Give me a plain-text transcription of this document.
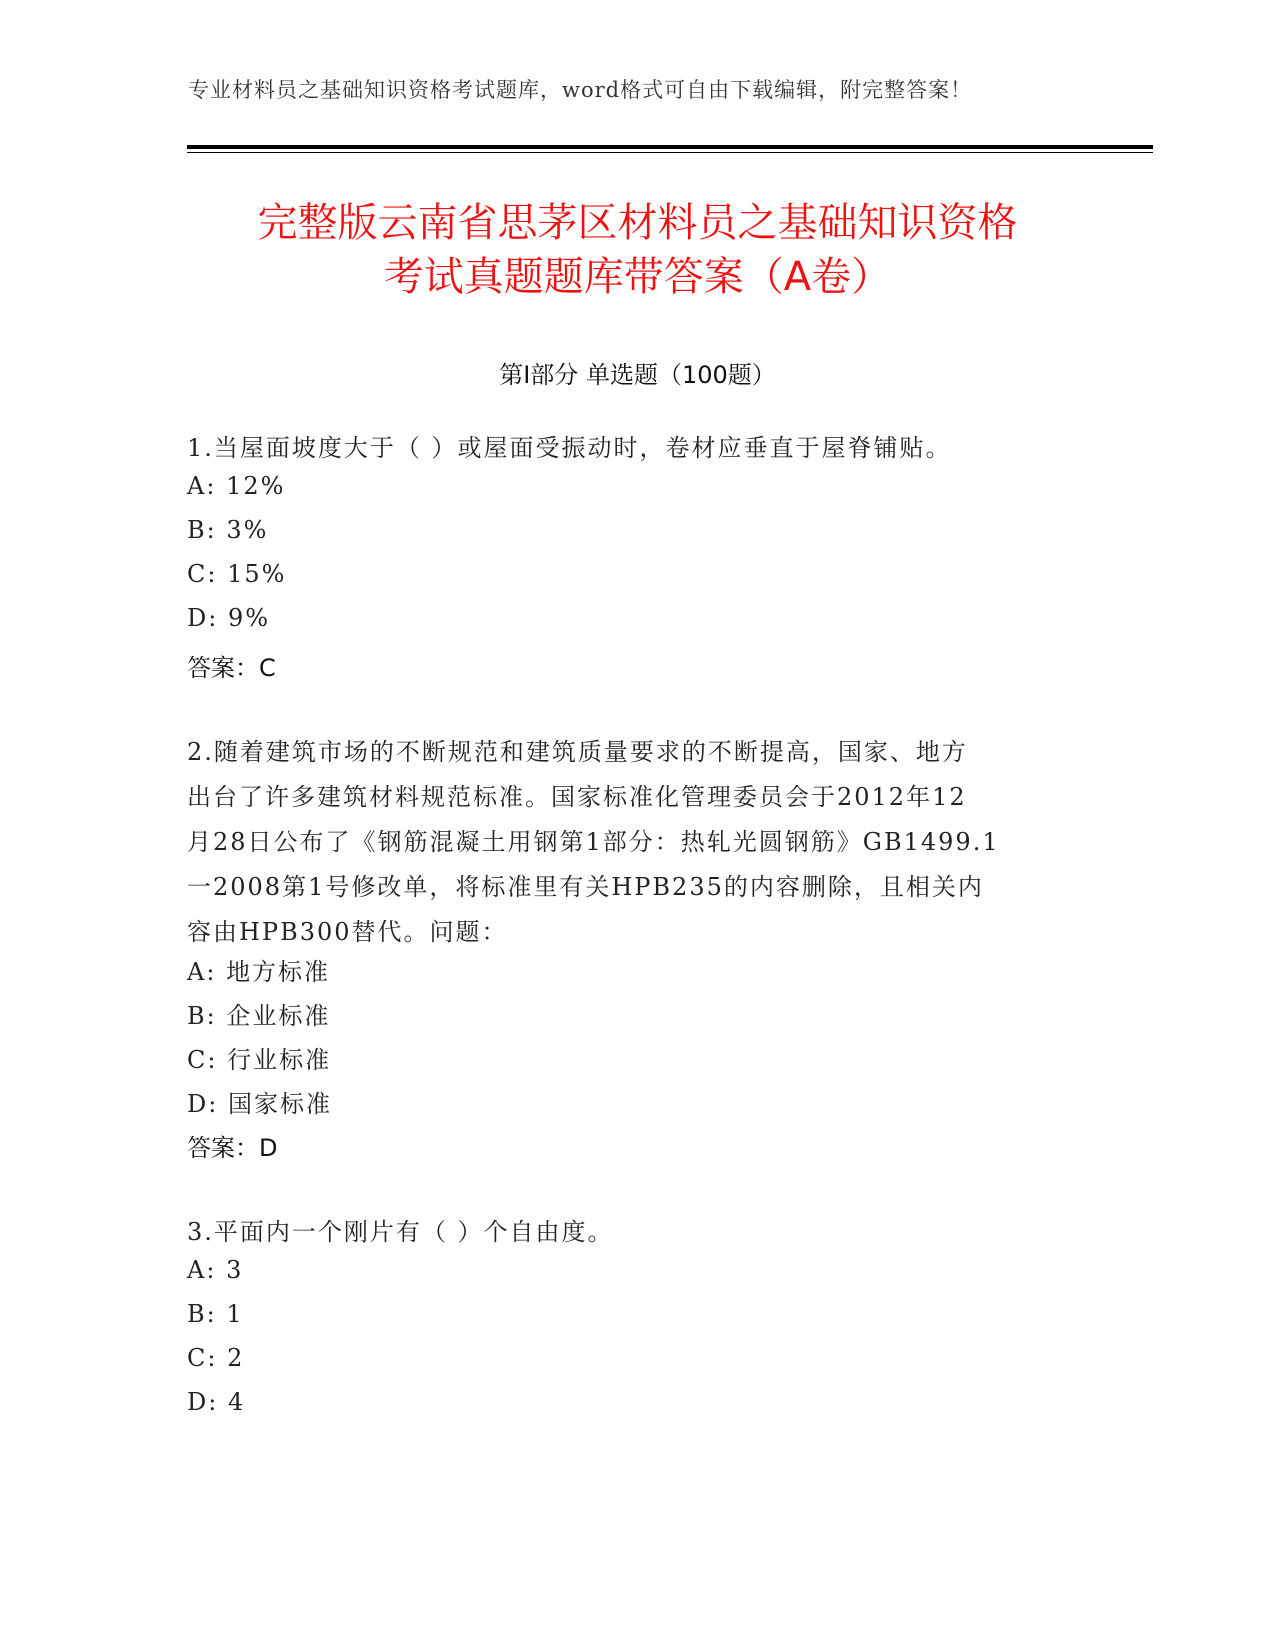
专业材料员之基础知识资格考试题库，word格式可自由下载编辑，附完整答案！
完整版云南省思茅区材料员之基础知识资格
考试真题题库带答案（A卷）
第Ⅰ部分 单选题（100题）
1.当屋面坡度大于（ ）或屋面受振动时，卷材应垂直于屋脊铺贴。
A: 12%
B: 3%
C: 15%
D: 9%
答案：C
2.随着建筑市场的不断规范和建筑质量要求的不断提高，国家、地方
出台了许多建筑材料规范标准。国家标准化管理委员会于2012年12
月28日公布了《钢筋混凝土用钢第1部分：热轧光圆钢筋》GB1499.1
一2008第1号修改单，将标准里有关HPB235的内容删除，且相关内
容由HPB300替代。问题：
A: 地方标准
B: 企业标准
C: 行业标准
D: 国家标准
答案：D
3.平面内一个刚片有（ ）个自由度。
A: 3
B: 1
C: 2
D: 4
